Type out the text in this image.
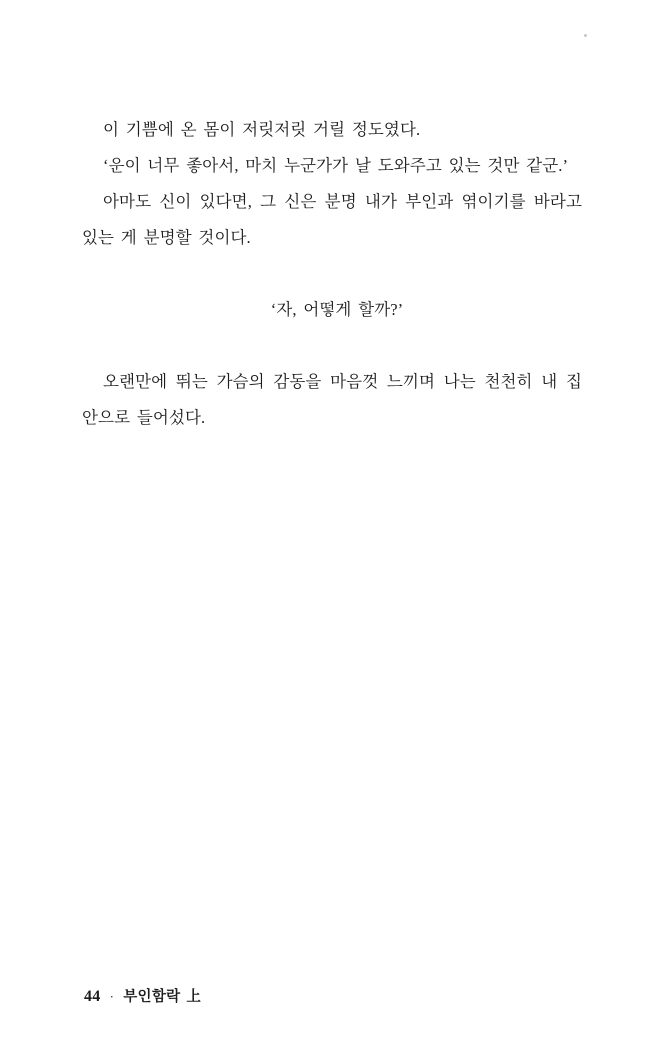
이 기쁨에 온 몸이 저릿저릿 거릴 정도였다.

‘운이 너무 좋아서, 마치 누군가가 날 도와주고 있는 것만 같군.’

아마도 신이 있다면, 그 신은 분명 내가 부인과 엮이기를 바라고 있는 게 분명할 것이다.

‘자, 어떻게 할까?’

오랜만에 뛰는 가슴의 감동을 마음껏 느끼며 나는 천천히 내 집 안으로 들어섰다.

44 · 부인함락 上
